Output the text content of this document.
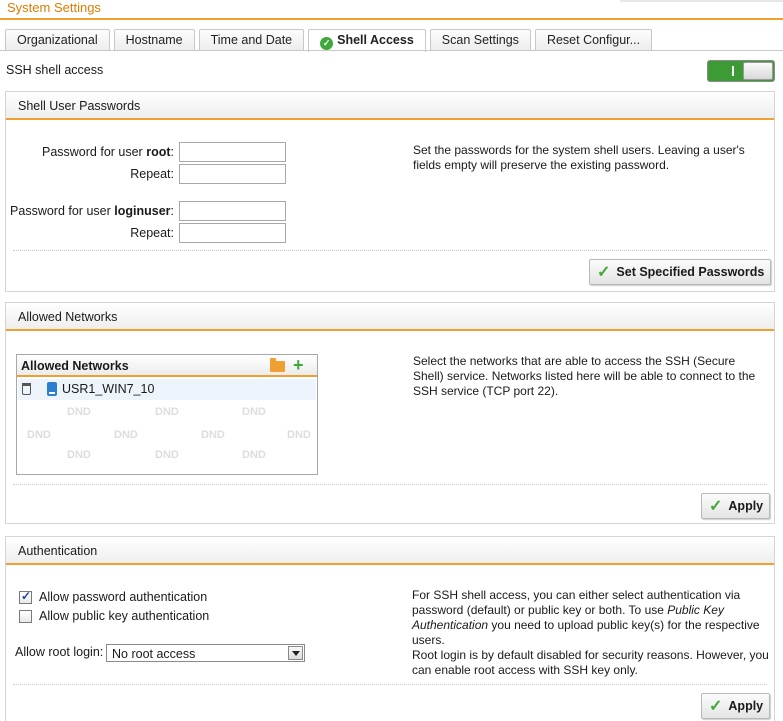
System Settings
Organizational	Hostname	Time and Date	✓ Shell Access	Scan Settings	Reset Configur...
SSH shell access
Shell User Passwords
Password for user root:
Repeat:
Password for user loginuser:
Repeat:
Set the passwords for the system shell users. Leaving a user's fields empty will preserve the existing password.
✓ Set Specified Passwords
Allowed Networks
Allowed Networks	+
USR1_WIN7_10
DND	DND	DND
DND	DND	DND	DND
DND	DND	DND
Select the networks that are able to access the SSH (Secure Shell) service. Networks listed here will be able to connect to the SSH service (TCP port 22).
✓ Apply
Authentication
✓
Allow password authentication
Allow public key authentication
Allow root login: No root access
For SSH shell access, you can either select authentication via password (default) or public key or both. To use Public Key Authentication you need to upload public key(s) for the respective users.
Root login is by default disabled for security reasons. However, you can enable root access with SSH key only.
✓ Apply
